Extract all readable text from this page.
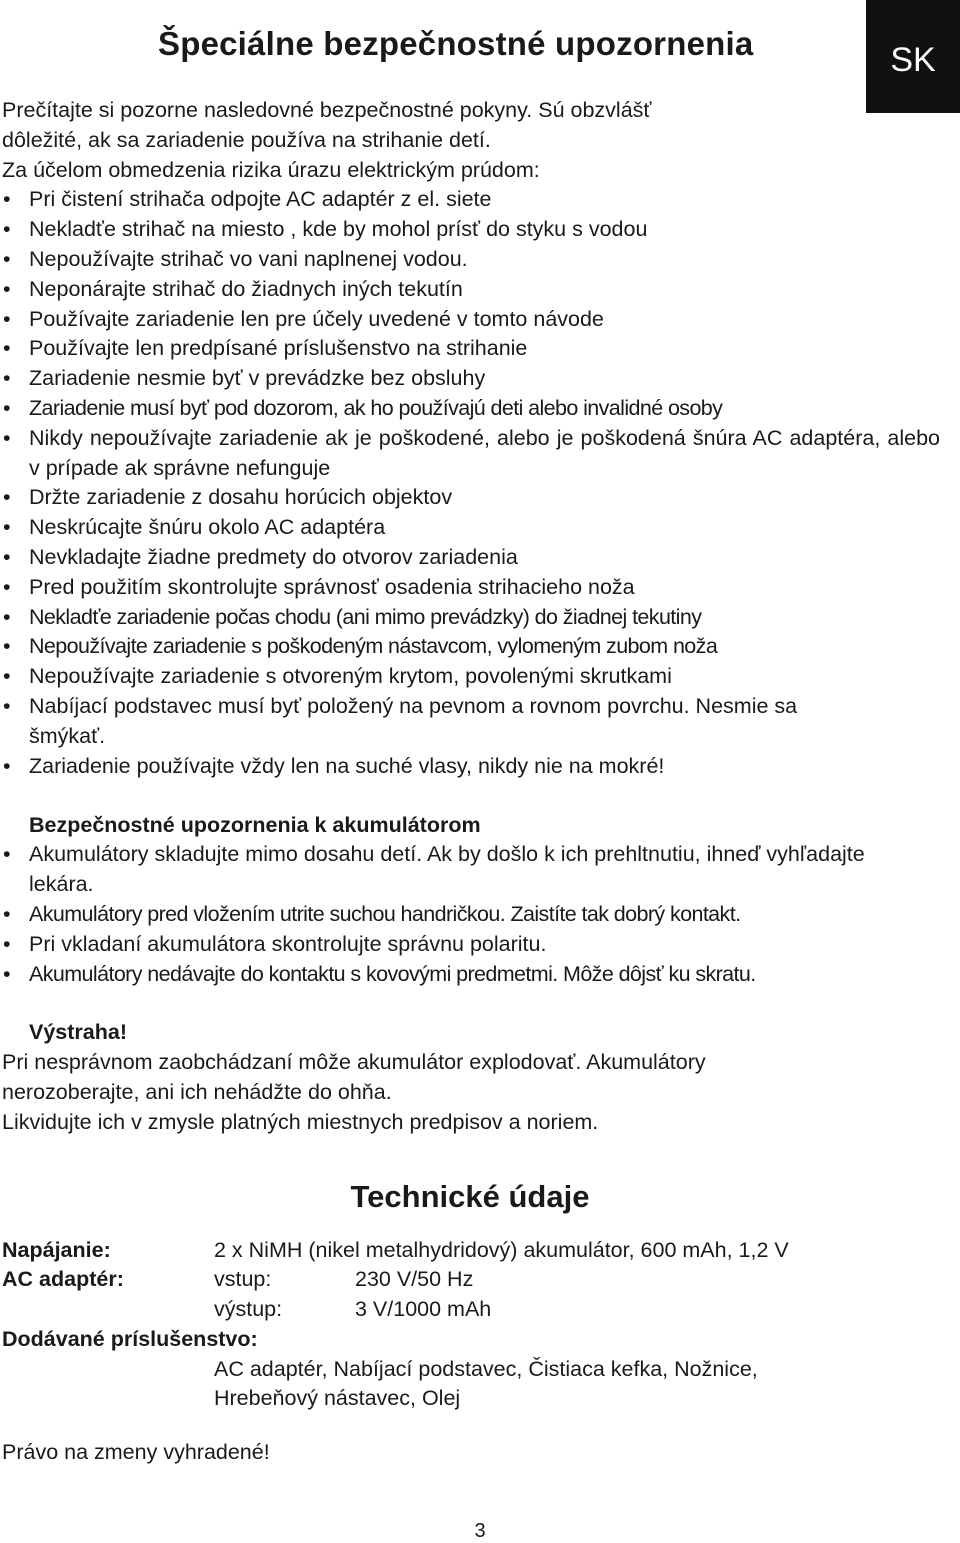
Špeciálne bezpečnostné upozornenia	SK

Prečítajte si pozorne nasledovné bezpečnostné pokyny. Sú obzvlášť

dôležité, ak sa zariadenie používa na strihanie detí.

Za účelom obmedzenia rizika úrazu elektrickým prúdom:

• Pri čistení strihača odpojte AC adaptér z el. siete
• Nekladťe strihač na miesto , kde by mohol prísť do styku s vodou
• Nepoužívajte strihač vo vani naplnenej vodou.
• Neponárajte strihač do žiadnych iných tekutín
• Používajte zariadenie len pre účely uvedené v tomto návode
• Používajte len predpísané príslušenstvo na strihanie
• Zariadenie nesmie byť v prevádzke bez obsluhy
• Zariadenie musí byť pod dozorom, ak ho používajú deti alebo invalidné osoby
• Nikdy nepoužívajte zariadenie ak je poškodené, alebo je poškodená šnúra AC adaptéra, alebo v prípade ak správne nefunguje
• Držte zariadenie z dosahu horúcich objektov
• Neskrúcajte šnúru okolo AC adaptéra
• Nevkladajte žiadne predmety do otvorov zariadenia
• Pred použitím skontrolujte správnosť osadenia strihacieho noža
• Nekladťe zariadenie počas chodu (ani mimo prevádzky) do žiadnej tekutiny
• Nepoužívajte zariadenie s poškodeným nástavcom, vylomeným zubom noža
• Nepoužívajte zariadenie s otvoreným krytom, povolenými skrutkami
• Nabíjací podstavec musí byť položený na pevnom a rovnom povrchu. Nesmie sa šmýkať.
• Zariadenie používajte vždy len na suché vlasy, nikdy nie na mokré!
Bezpečnostné upozornenia k akumulátorom
• Akumulátory skladujte mimo dosahu detí. Ak by došlo k ich prehltnutiu, ihneď vyhľadajte lekára.
• Akumulátory pred vložením utrite suchou handričkou. Zaistíte tak dobrý kontakt.
• Pri vkladaní akumulátora skontrolujte správnu polaritu.
• Akumulátory nedávajte do kontaktu s kovovými predmetmi. Môže dôjsť ku skratu.

Výstraha!

Pri nesprávnom zaobchádzaní môže akumulátor explodovať. Akumulátory

nerozoberajte, ani ich nehádžte do ohňa.

Likvidujte ich v zmysle platných miestnych predpisov a noriem.

Technické údaje
Napájanie:	2 x NiMH (nikel metalhydridový) akumulátor, 600 mAh, 1,2 V	
AC adaptér:	vstup:	230 V/50 Hz
	výstup:	3 V/1000 mAh
Dodávané príslušenstvo:		
	AC adaptér, Nabíjací podstavec, Čistiaca kefka, Nožnice,	
	Hrebeňový nástavec, Olej	

Právo na zmeny vyhradené!

3
